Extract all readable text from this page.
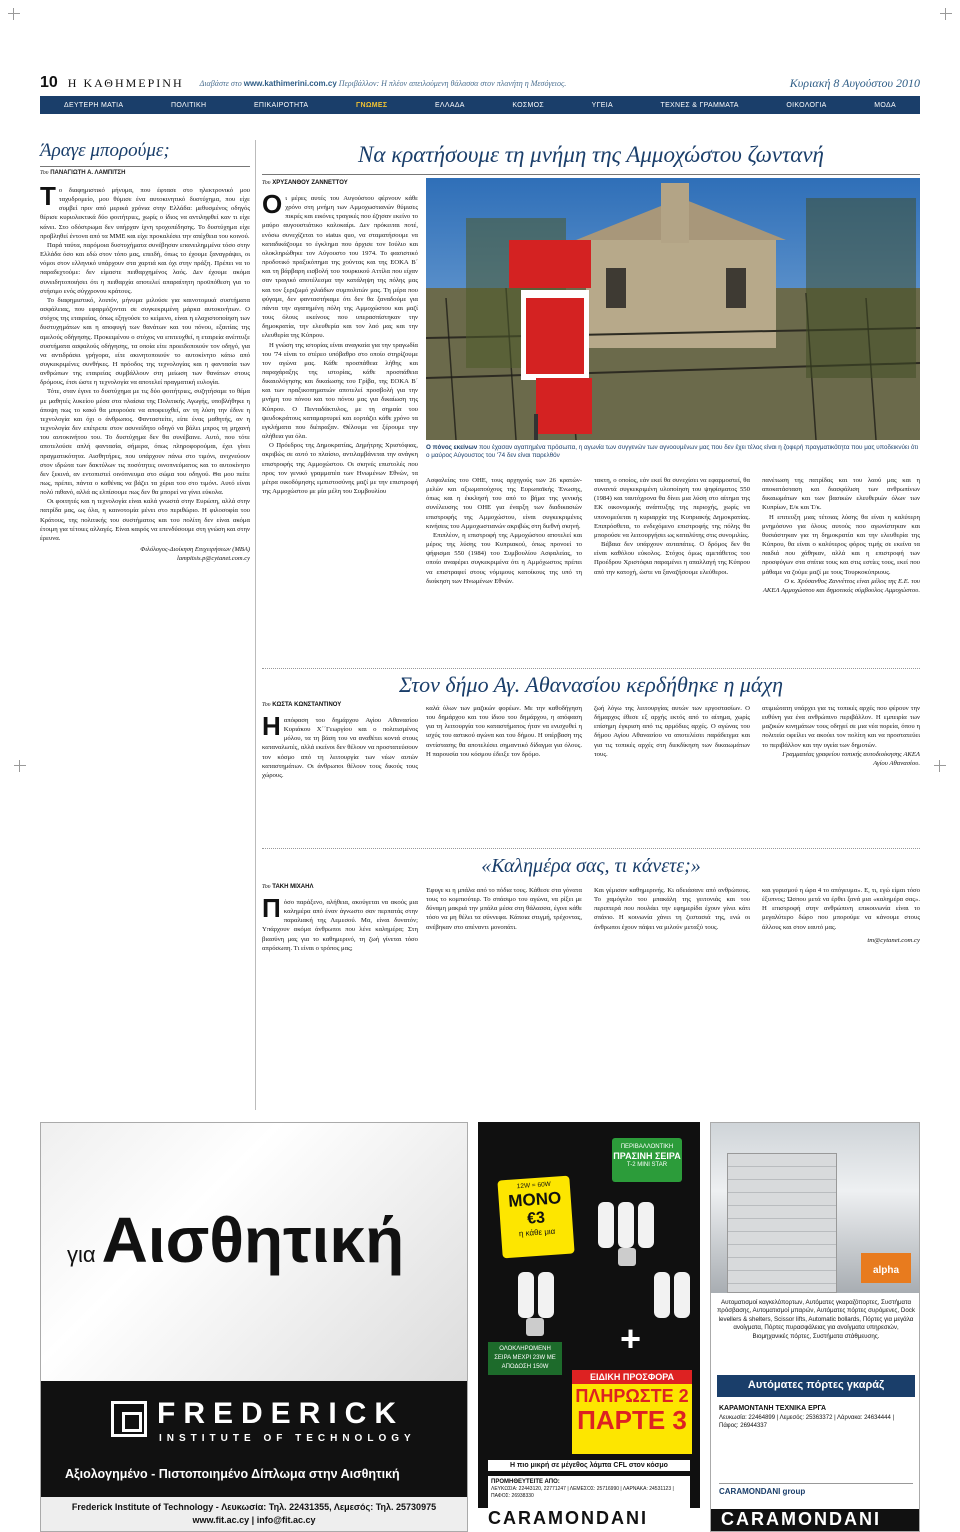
10 Η ΚΑΘΗΜΕΡΙΝΗ Διαβάστε στο www.kathimerini.com.cy Περιβάλλον: Η πλέον απειλούμενη θάλασσα στον πλανήτη η Μεσόγειος.	Κυριακή 8 Αυγούστου 2010
ΔΕΥΤΕΡΗ ΜΑΤΙΑ	ΠΟΛΙΤΙΚΗ	ΕΠΙΚΑΙΡΟΤΗΤΑ	ΓΝΩΜΕΣ	ΕΛΛΑΔΑ	ΚΟΣΜΟΣ	ΥΓΕΙΑ	ΤΕΧΝΕΣ & ΓΡΑΜΜΑΤΑ	ΟΙΚΟΛΟΓΙΑ	ΜΟΔΑ
Άραγε μπορούμε;
Του ΠΑΝΑΓΙΩΤΗ Α. ΛΑΜΠΙΤΣΗ
Τ ο διαφημιστικό μήνυμα, που έφτασε στο ηλεκτρονικό μου ταχυδρομείο, μου θύμισε ένα αυτοκινητικό δυστύχημα, που είχε συμβεί πριν από μερικά χρόνια στην Ελλάδα: μεθυσμένος οδηγός θέρισε κυριολεκτικά δύο φοιτήτριες, χωρίς ο ίδιος να αντιληφθεί καν τι είχε κάνει. Στο οδόστρωμα δεν υπήρχαν ίχνη τροχοπέδησης. Το δυστύχημα είχε προβληθεί έντονα από τα ΜΜΕ και είχε προκαλέσει την απέχθεια του κοινού.

Παρά ταύτα, παρόμοια δυστυχήματα συνέβησαν επανειλημμένα τόσο στην Ελλάδα όσο και εδώ στον τόπο μας, επειδή, όπως το έχουμε ξαναγράψει, οι νόμοι στον ελληνικό υπάρχουν στα χαρτιά και όχι στην πράξη. Πρέπει να το παραδεχτούμε: δεν είμαστε πειθαρχημένος λαός. Δεν έχουμε ακόμα συνειδητοποιήσει ότι η πειθαρχία αποτελεί απαραίτητη προϋπόθεση για το στήσιμο ενός σύγχρονου κράτους.

Το διαφημιστικό, λοιπόν, μήνυμα μιλούσε για καινοτομικά συστήματα ασφάλειας, που εφαρμόζονται σε συγκεκριμένη μάρκα αυτοκινήτων. Ο στόχος της εταιρείας, όπως εξηγούσε το κείμενο, είναι η ελαχιστοποίηση των δυστυχημάτων και η αποφυγή των θανάτων και του πόνου, εξαιτίας της αμελούς οδήγησης. Προκειμένου ο στόχος να επιτευχθεί, η εταιρεία ανέπτυξε συστήματα ασφαλούς οδήγησης, τα οποία είτε προειδοποιούν τον οδηγό, για να αντιδράσει γρήγορα, είτε ακινητοποιούν το αυτοκίνητο κάτω από συγκεκριμένες συνθήκες. Η πρόοδος της τεχνολογίας και η φαντασία των ανθρώπων της εταιρείας συμβάλλουν στη μείωση των θανάτων στους δρόμους, έτσι ώστε η τεχνολογία να αποτελεί πραγματική ευλογία.

Τότε, σταν έγινε το δυστύχημα με τις δύο φοιτήτριες, συζητήσαμε το θέμα με μαθητές λυκείου μέσα στα πλαίσια της Πολιτικής Αγωγής, υποβλήθηκε η άποψη πως το κακό θα μπορούσε να αποφευχθεί, αν τη λύση την έδινε η τεχνολογία και όχι ο άνθρωπος. Φανταστείτε, είπε ένας μαθητής, αν η τεχνολογία δεν επέτρεπε στον ασυνείδητο οδηγό να βάλει μπρος τη μηχανή του αυτοκινήτου του. Το δυστύχημα δεν θα συνέβαινε. Αυτό, που τότε αποτελούσε απλή φαντασία, σήμερα, όπως πληροφορούμαι, έχει γίνει πραγματικότητα. Αισθητήρες, που υπάρχουν πάνω στο τιμόνι, ανιχνεύουν στον ιδρώτα των δακτύλων τις ποσότητες οινοπνεύματος και το αυτοκίνητο δεν ξεκινά, αν εντοπιστεί οινόπνευμα στο σώμα του οδηγού. Θα μου πείτε πως, πρέπει, πάντα ο καθένας να βάζει τα χέρια του στο τιμόνι. Αυτό είναι πολύ πιθανό, αλλά ας ελπίσουμε πως δεν θα μπορεί να γίνει εύκολα.

Οι φοιτητές και η τεχνολογία είναι καλά γνωστά στην Ευρώπη, αλλά στην πατρίδα μας, ως όλα, η καινοτομία μένει στο περιθώριο. Η φιλοσοφία του Κράτους, της πολιτικής του συστήματος και του πολίτη δεν είναι ακόμα έτοιμη για τέτοιες αλλαγές. Είναι καιρός να επενδύσουμε στη γνώση και στην έρευνα.

Φιλόλογος-Διοίκηση Επιχειρήσεων (MBA)
lampitsis.p@cytanet.com.cy
Να κρατήσουμε τη μνήμη της Αμμοχώστου ζωντανή
Του ΧΡΥΣΑΝΘΟΥ ΖΑΝΝΕΤΤΟΥ
Ο ι μέρες αυτές του Αυγούστου φέρνουν κάθε χρόνο στη μνήμη των Αμμοχωστιανών θύμισες πικρές και εικόνες τραγικές που έζησαν εκείνο το μαύρο αυγουστιάτικο καλοκαίρι. Δεν πρόκειται ποτέ, ενόσω συνεχίζεται το status quo, να σταματήσουμε να καταδικάζουμε το έγκλημα που άρχισε τον Ιούλιο και ολοκληρώθηκε τον Αύγουστο του 1974. Το φασιστικό προδοτικό πραξικόπημα της χούντας και της ΕΟΚΑ Β΄ και τη βάρβαρη εισβολή του τουρκικού Αττίλα που είχαν σαν τραγικό αποτέλεσμα την κατάληψη της πόλης μας και τον ξεριζωμό χιλιάδων συμπολιτών μας. Τη μέρα που φύγαμε, δεν φανταστήκαμε ότι δεν θα ξαναδούμε για πάντα την αγαπημένη πόλη της Αμμοχώστου και μαζί τους όλους εκείνους που υπερασπίστηκαν την δημοκρατία, την ελευθερία και τον λαό μας και την ελευθερία της Κύπρου.

Η γνώση της ιστορίας είναι αναγκαία για την τραγωδία του '74 είναι το στέρεο υπόβαθρο στο οποίο στηρίζουμε τον αγώνα μας. Κάθε προσπάθεια λήθης και παραχάραξης της ιστορίας, κάθε προσπάθεια δικαιολόγησης και δικαίωσης του Γρίβα, της ΕΟΚΑ Β΄ και των πραξικοπηματιών αποτελεί προσβολή για την μνήμη του πόνου και του πόνου μας για δικαίωση της Κύπρου. Ο Πενταδάκτυλος, με τη σημαία του ψευδοκράτους καταμαρτυρεί και εορτάζει κάθε χρόνο τα εγκλήματα που διέπραξαν. Θέλουμε να ξέρουμε την αλήθεια για όλα.

Ο Πρόεδρος της Δημοκρατίας, Δημήτρης Χριστόφιας, ακριβώς σε αυτό το πλαίσιο, αντιλαμβάνεται την ανάγκη επιστροφής της Αμμοχώστου. Οι σκηνές επιστολές που προς τον γενικό γραμματέα των Ηνωμένων Εθνών, τα μέτρα οικοδόμησης εμπιστοσύνης μαζί με την επιστροφή της Αμμοχώστου με μία μέλη του Συμβουλίου

Ο πόνος εκείνων που έχασαν αγαπημένα πρόσωπα, η αγωνία των συγγενών των αγνοουμένων μας που δεν έχει τέλος είναι η ζοφερή πραγματικότητα που μας υποδεικνύει ότι ο μαύρος Αύγουστος του '74 δεν είναι παρελθόν

Ασφαλείας του ΟΗΕ, τους αρχηγούς των 26 κρατών-μελών και αξιωματούχους της Ευρωπαϊκής Ένωσης, όπως και η έκκλησή του από το βήμα της γενικής συνέλευσης του ΟΗΕ για έναρξη των διαδικασιών επιστροφής της Αμμοχώστου, είναι συγκεκριμένες κινήσεις του Αμμοχωστιανών ακριβώς στη διεθνή σκηνή.

Επιπλέον, η επιστροφή της Αμμοχώστου αποτελεί και μέρος της λύσης του Κυπριακού, όπως προνοεί το ψήφισμα 550 (1984) του Συμβουλίου Ασφαλείας, το οποίο αναφέρει συγκεκριμένα ότι η Αμμόχωστος πρέπει να επιστραφεί στους νόμιμους κατοίκους της υπό τη διοίκηση των Ηνωμένων Εθνών.

τακτη, ο οποίος, εάν εκεί θα συνεχίσει να εφαρμοστεί, θα συναντά συγκεκριμένη υλοποίηση του ψηφίσματος 550 (1984) και ταυτόχρονα θα δίνει μια λύση στο αίτημα της ΕΚ οικονομικής ανάπτυξης της περιοχής, χωρίς να υπονομεύεται η κυριαρχία της Κυπριακής Δημοκρατίας. Επιπρόσθετα, το ενδεχόμενο επιστροφής της πόλης θα μπορούσε να λειτουργήσει ως καταλύτης στις συνομιλίες.

Βέβαια δεν υπάρχουν αυταπάτες. Ο δρόμος δεν θα είναι καθόλου εύκολος. Στόχος όμως αμετάθετος του Προέδρου Χριστόφια παραμένει η απαλλαγή της Κύπρου από την κατοχή, ώστε να ξαναζήσουμε ελεύθεροι.

πανέτωση της πατρίδας και του λαού μας και η αποκατάσταση και διασφάλιση των ανθρωπίνων δικαιωμάτων και των βασικών ελευθεριών όλων των Κυπρίων, Ε/κ και Τ/κ.

Η επιτευξη μιας τέτοιας λύσης θα είναι η καλύτερη μνημόσυνο για όλους αυτούς που αγωνίστηκαν και θυσιάστηκαν για τη δημοκρατία και την ελευθερία της Κύπρου, θα είναι ο καλύτερος φόρος τιμής σε εκείνα τα παιδιά που χάθηκαν, αλλά και η επιστροφή των προσφύγων στα σπίτια τους και στις εστίες τους, εκεί που μάθαμε να ζούμε μαζί με τους Τουρκοκύπριους.

Ο κ. Χρύσανθος Ζαννέττος είναι μέλος της Ε.Ε. του ΑΚΕΛ Αμμοχώστου και δημοτικός σύμβουλος Αμμοχώστου.

Στον δήμο Αγ. Αθανασίου κερδήθηκε η μάχη
Του ΚΩΣΤΑ ΚΩΝΣΤΑΝΤΙΝΟΥ
Η απόφαση του δημάρχου Αγίου Αθανασίου Κυριάκου Χ΄΄Γεωργίου και ο πολιτισμένος μόλου, τα τη βάση του να αναθέτει κοντά στους καταναλωτές, αλλά εκείνοι δεν θέλουν να προστατεύσουν τον κόσμο από τη λειτουργία των νέων αυτών καταστημάτων. Οι άνθρωποι θέλουν τους δικούς τους χώρους.

καλά όλων των μαζικών φορέων. Με την καθοδήγηση του δημάρχου και του ίδιου του δημάρχου, η απόφαση για τη λειτουργία του καταστήματος ήταν να ενισχυθεί η ισχύς του αστικού αγώνα και του δήμου. Η υπέρβαση της αντίστασης θα αποτελέσει σημαντικό δίδαγμα για όλους. Η παρουσία του κόσμου έδειξε τον δρόμο.

ζωή λόγω της λειτουργίας αυτών των εργοστασίων. Ο δήμαρχος έθεσε εξ αρχής εκτός από το αίτημα, χωρίς επίσημη έγκριση από τις αρμόδιες αρχές. Ο αγώνας του δήμου Αγίου Αθανασίου να αποτελέσει παράδειγμα και για τις τοπικές αρχές στη διεκδίκηση των δικαιωμάτων τους.

ατιμιώτατη υπάρχει για τις τοπικές αρχές που φέρουν την ευθύνη για ένα ανθρώπινο περιβάλλον. Η εμπειρία των μαζικών κινημάτων τους οδηγεί σε μια νέα πορεία, όπου η πολιτεία οφείλει να ακούει τον πολίτη και να προστατεύει το περιβάλλον και την υγεία των δημοτών.

Γραμματέας γραφείου τοπικής αυτοδιοίκησης ΑΚΕΛ Αγίου Αθανασίου.

«Καλημέρα σας, τι κάνετε;»
Του ΤΑΚΗ ΜΙΧΑΗΛ
Π όσο παράξενο, αλήθεια, ακούγεται να ακούς μια καλημέρα από έναν άγνωστο σαν περπατάς στην παραλιακή της Λεμεσού. Μα, είναι δυνατόν; Υπάρχουν ακόμα άνθρωποι που λένε καλημέρα; Στη βιασύνη μας για το καθημερινό, τη ζωή γίνεται τόσο απρόσωπη. Τι είναι ο τρόπος μας;

Έφυγε κι η μπάλα από το πόδια τους. Κάθεσε στα γόνατα τους το κομπιούτερ. Το σπάσιμο του αγώνα, να ρίξει με δύναμη μακριά την μπάλα μέσα στη θάλασσα, έγινε κάθε τόσο να μη θέλει τα σύννεφα. Κάποια στιγμή, τρέχοντας, ανέβηκαν στο απέναντι μονοπάτι.

Και γέμισαν καθημερινής. Κι αδειάσανε από ανθρώπους. Το χαμόγελο του μπακάλη της γειτονιάς και του περιπτερά που πουλάει την εφημερίδα έχουν γίνει κάτι σπάνιο. Η κοινωνία χάνει τη ζεστασιά της, ενώ οι άνθρωποι έχουν πάψει να μιλούν μεταξύ τους.

και γυρισμού η ώρα 4 το απόγευμα». Ε, τι, εγώ είμαι τόσο έξυπνος; Ώσπου μετά να έρθει ξανά μια «καλημέρα σας». Η επιστροφή στην ανθρώπινη επικοινωνία είναι το μεγαλύτερο δώρο που μπορούμε να κάνουμε στους άλλους και στον εαυτό μας.

tm@cytanet.com.cy

γιαΑισθητική
FREDERICK
INSTITUTE OF TECHNOLOGY
Αξιολογημένο - Πιστοποιημένο Δίπλωμα στην Αισθητική
Frederick Institute of Technology - Λευκωσία: Τηλ. 22431355, Λεμεσός: Τηλ. 25730975
www.fit.ac.cy | info@fit.ac.cy
ΠΕΡΙΒΑΛΛΟΝΤΙΚΗ
ΠΡΑΣΙΝΗ ΣΕΙΡΑ
T-2 MINI STAR
12W = 60W
ΜΟΝΟ
€3
η κάθε μια
+
ΟΛΟΚΛΗΡΩΜΕΝΗ ΣΕΙΡΑ ΜΕΧΡΙ 23W ΜΕ ΑΠΟΔΟΣΗ 150W
ΕΙΔΙΚΗ ΠΡΟΣΦΟΡΑ
ΠΛΗΡΩΣΤΕ 2
ΠΑΡΤΕ 3
Η πιο μικρή σε μέγεθος λάμπα CFL στον κόσμο
ΠΡΟΜΗΘΕΥΤΕΙΤΕ ΑΠΟ:
ΛΕΥΚΩΣΙΑ: 22443120, 22771247 | ΛΕΜΕΣΟΣ: 25716990 | ΛΑΡΝΑΚΑ: 24531123 | ΠΑΦΟΣ: 26938330
CARAMONDANI
alpha
Αυτοματισμοί καγκελόπορτων, Αυτόματες γκαραζόπορτες, Συστήματα πρόσβασης, Αυτοματισμοί μπαρών, Αυτόματες πόρτες συρόμενες, Dock levellers & shelters, Scissor lifts, Automatic bollards, Πόρτες για μεγάλα ανοίγματα, Πόρτες πυρασφάλειας για ανοίγματα υπηρεσιών, Βιομηχανικές πόρτες, Συστήματα στάθμευσης.
Αυτόματες πόρτες γκαράζ
ΚΑΡΑΜΟΝΤΑΝΗ ΤΕΧΝΙΚΑ ΕΡΓΑ
Λευκωσία: 22464899 | Λεμεσός: 25363372 | Λάρνακα: 24634444 | Πάφος: 26944337
CARAMONDANI group
CARAMONDANI
